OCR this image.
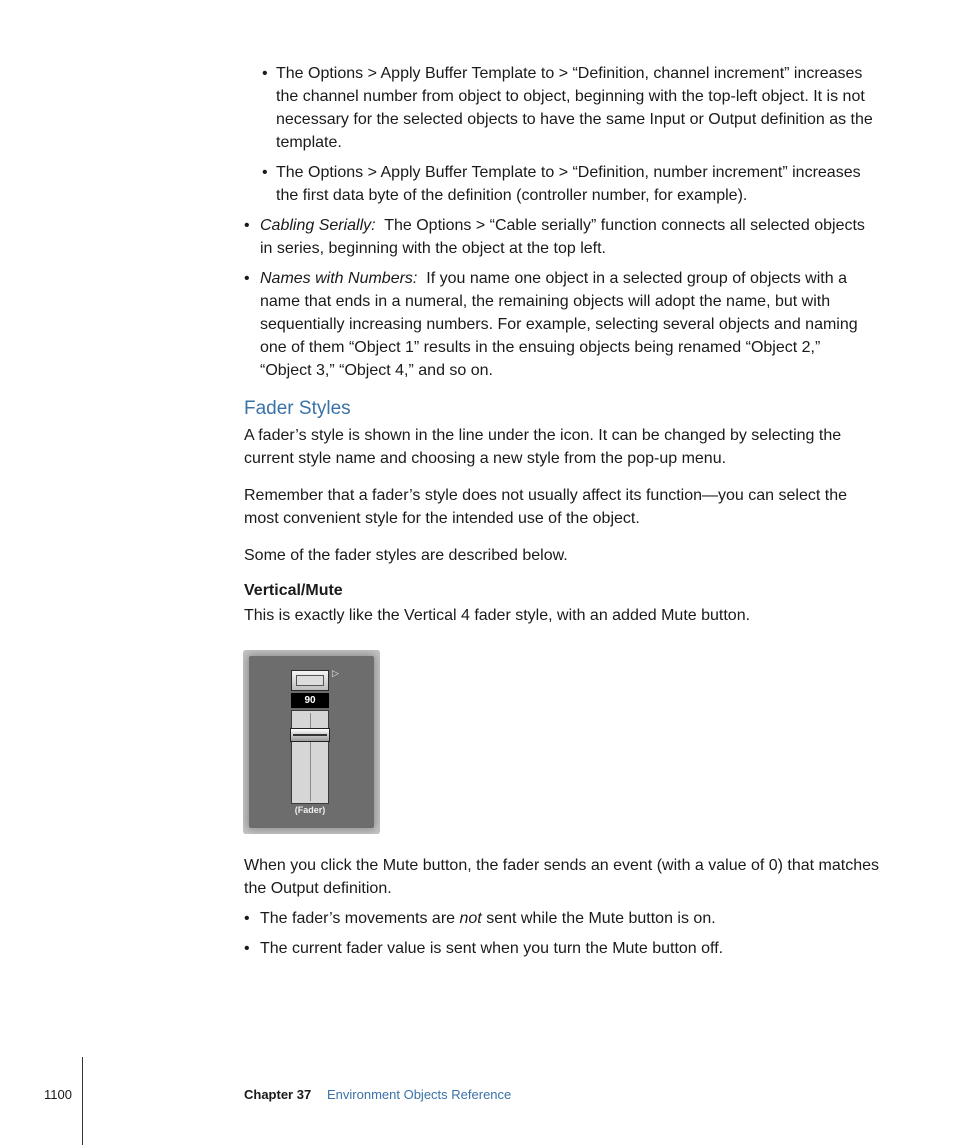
• The Options > Apply Buffer Template to > “Definition, channel increment” increases the channel number from object to object, beginning with the top-left object. It is not necessary for the selected objects to have the same Input or Output definition as the template.

• The Options > Apply Buffer Template to > “Definition, number increment” increases the first data byte of the definition (controller number, for example).

• Cabling Serially: The Options > “Cable serially” function connects all selected objects in series, beginning with the object at the top left.

• Names with Numbers: If you name one object in a selected group of objects with a name that ends in a numeral, the remaining objects will adopt the name, but with sequentially increasing numbers. For example, selecting several objects and naming one of them “Object 1” results in the ensuing objects being renamed “Object 2,” “Object 3,” “Object 4,” and so on.

Fader Styles

A fader’s style is shown in the line under the icon. It can be changed by selecting the current style name and choosing a new style from the pop-up menu.

Remember that a fader’s style does not usually affect its function—you can select the most convenient style for the intended use of the object.

Some of the fader styles are described below.

Vertical/Mute

This is exactly like the Vertical 4 fader style, with an added Mute button.

▷
90
(Fader)

When you click the Mute button, the fader sends an event (with a value of 0) that matches the Output definition.

• The fader’s movements are not sent while the Mute button is on.

• The current fader value is sent when you turn the Mute button off.

1100	Chapter 37 Environment Objects Reference
